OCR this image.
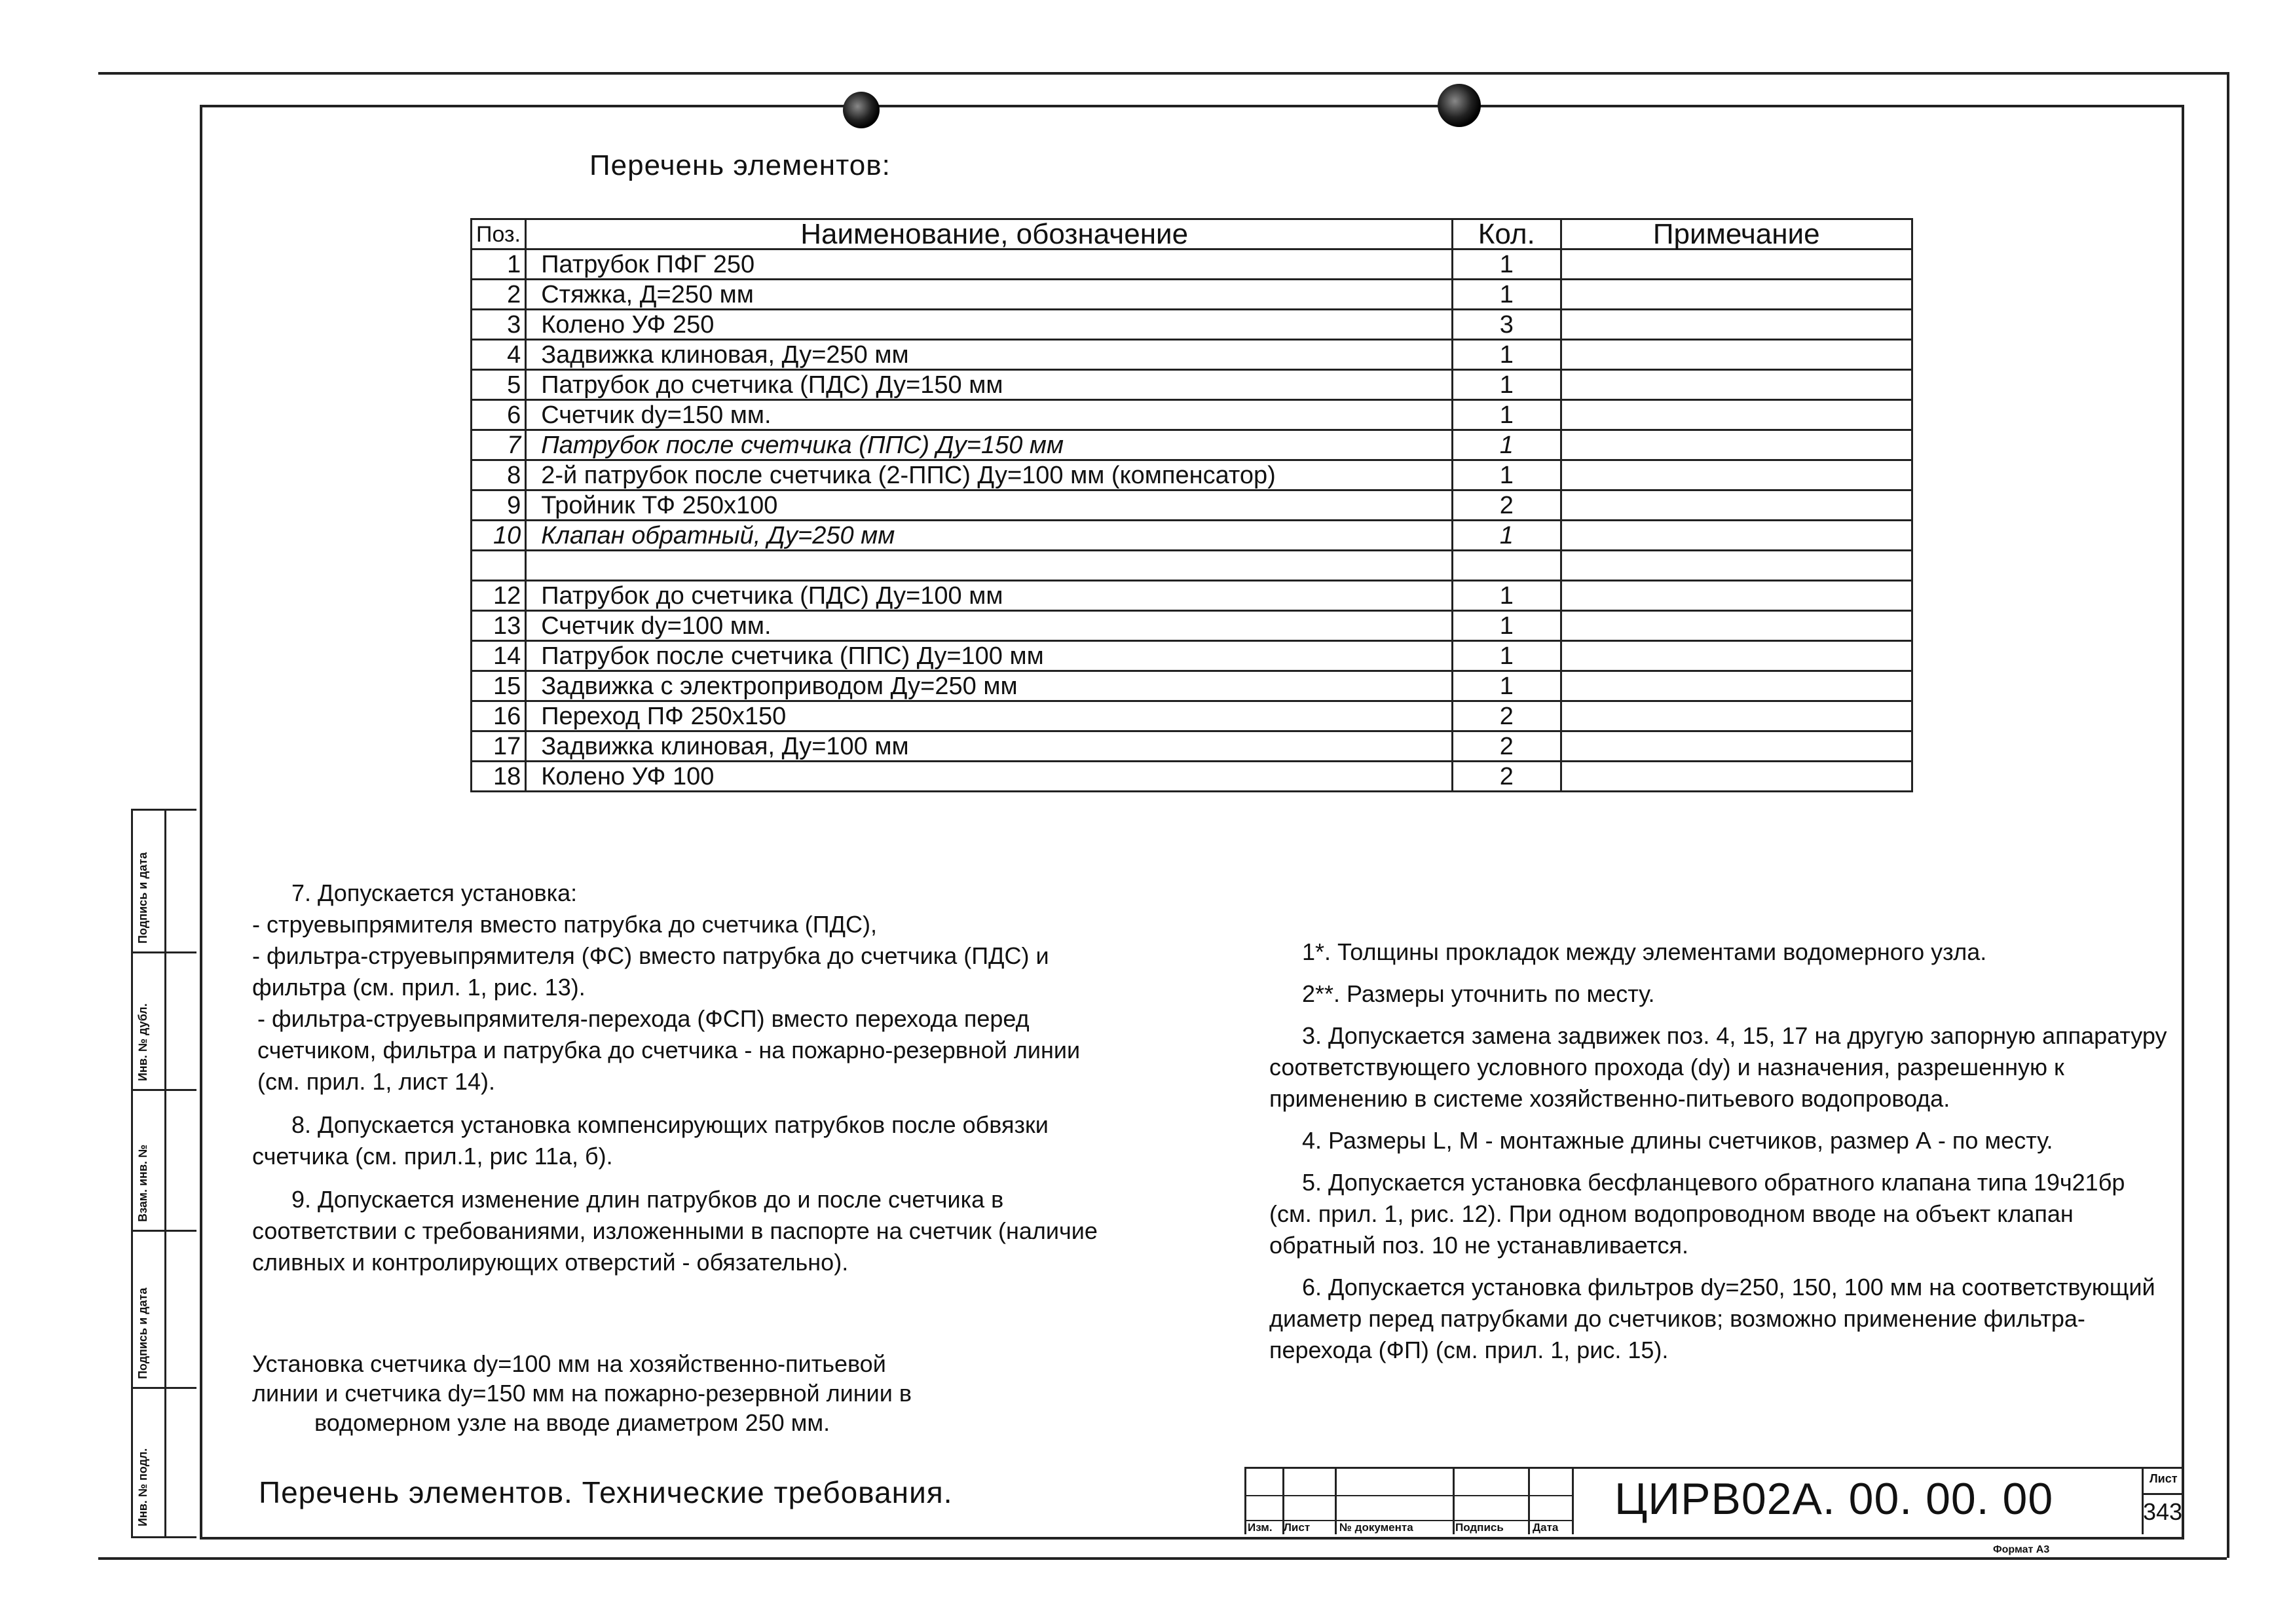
Подпись и дата
Инв. № дубл.
Взам. инв. №
Подпись и дата
Инв. № подл.
Перечень элементов:
Поз.	Наименование, обозначение	Кол.	Примечание
1	Патрубок ПФГ 250	1	
2	Стяжка, Д=250 мм	1	
3	Колено УФ 250	3	
4	Задвижка клиновая, Ду=250 мм	1	
5	Патрубок до счетчика (ПДС) Ду=150 мм	1	
6	Счетчик dy=150 мм.	1	
7	Патрубок после счетчика (ППС) Ду=150 мм	1	
8	2-й патрубок после счетчика (2-ППС) Ду=100 мм (компенсатор)	1	
9	Тройник ТФ 250х100	2	
10	Клапан обратный, Ду=250 мм	1	

12	Патрубок до счетчика (ПДС) Ду=100 мм	1	
13	Счетчик dy=100 мм.	1	
14	Патрубок после счетчика (ППС) Ду=100 мм	1	
15	Задвижка с электроприводом Ду=250 мм	1	
16	Переход ПФ 250х150	2	
17	Задвижка клиновая, Ду=100 мм	2	
18	Колено УФ 100	2	

7. Допускается установка:

- струевыпрямителя вместо патрубка до счетчика (ПДС),

- фильтра-струевыпрямителя (ФС) вместо патрубка до счетчика (ПДС) и фильтра (см. прил. 1, рис. 13).

- фильтра-струевыпрямителя-перехода (ФСП) вместо перехода перед счетчиком, фильтра и патрубка до счетчика - на пожарно-резервной линии (см. прил. 1, лист 14).

8. Допускается установка компенсирующих патрубков после обвязки счетчика (см. прил.1, рис 11а, б).

9. Допускается изменение длин патрубков до и после счетчика в соответствии с требованиями, изложенными в паспорте на счетчик (наличие сливных и контролирующих отверстий - обязательно).

1*. Толщины прокладок между элементами водомерного узла.

2**. Размеры уточнить по месту.

3. Допускается замена задвижек поз. 4, 15, 17 на другую запорную аппаратуру соответствующего условного прохода (dy) и назначения, разрешенную к применению в системе хозяйственно-питьевого водопровода.

4. Размеры L, M - монтажные длины счетчиков, размер А - по месту.

5. Допускается установка бесфланцевого обратного клапана типа 19ч21бр (см. прил. 1, рис. 12). При одном водопроводном вводе на объект клапан обратный поз. 10 не устанавливается.

6. Допускается установка фильтров dy=250, 150, 100 мм на соответствующий диаметр перед патрубками до счетчиков; возможно применение фильтра-перехода (ФП) (см. прил. 1, рис. 15).

Установка счетчика dy=100 мм на хозяйственно-питьевой
линии и счетчика dy=150 мм на пожарно-резервной линии в
водомерном узле на вводе диаметром 250 мм.
Перечень элементов. Технические требования.
Изм. Лист	№ документа	Подпись	Дата
ЦИРВ02А. 00. 00. 00	Лист
343
Формат А3
